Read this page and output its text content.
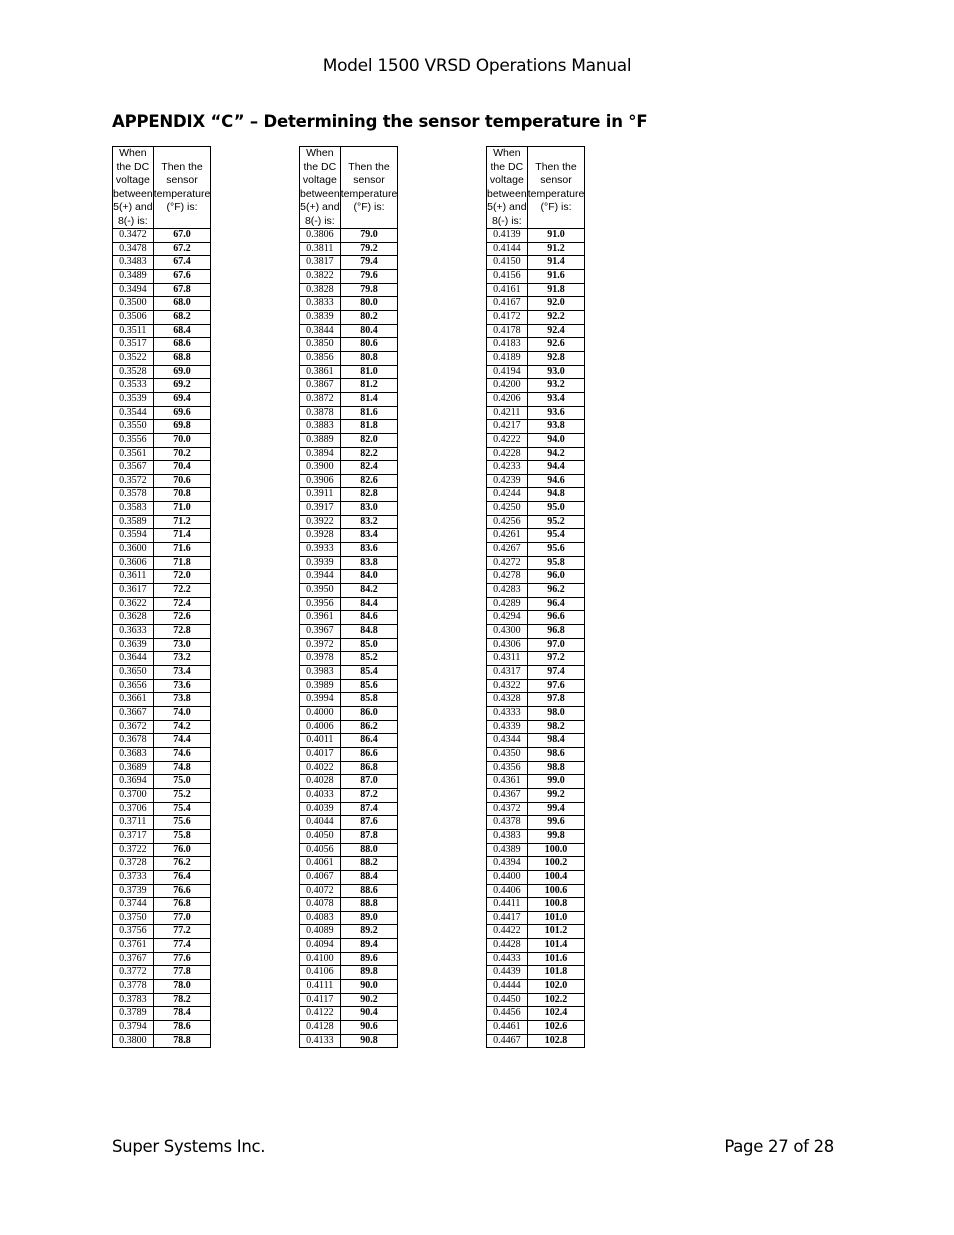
Model 1500 VRSD Operations Manual
APPENDIX “C” – Determining the sensor temperature in °F
When the DC voltage between 5(+) and 8(-) is:	Then the sensor temperature (°F) is:
0.3472	67.0
0.3478	67.2
0.3483	67.4
0.3489	67.6
0.3494	67.8
0.3500	68.0
0.3506	68.2
0.3511	68.4
0.3517	68.6
0.3522	68.8
0.3528	69.0
0.3533	69.2
0.3539	69.4
0.3544	69.6
0.3550	69.8
0.3556	70.0
0.3561	70.2
0.3567	70.4
0.3572	70.6
0.3578	70.8
0.3583	71.0
0.3589	71.2
0.3594	71.4
0.3600	71.6
0.3606	71.8
0.3611	72.0
0.3617	72.2
0.3622	72.4
0.3628	72.6
0.3633	72.8
0.3639	73.0
0.3644	73.2
0.3650	73.4
0.3656	73.6
0.3661	73.8
0.3667	74.0
0.3672	74.2
0.3678	74.4
0.3683	74.6
0.3689	74.8
0.3694	75.0
0.3700	75.2
0.3706	75.4
0.3711	75.6
0.3717	75.8
0.3722	76.0
0.3728	76.2
0.3733	76.4
0.3739	76.6
0.3744	76.8
0.3750	77.0
0.3756	77.2
0.3761	77.4
0.3767	77.6
0.3772	77.8
0.3778	78.0
0.3783	78.2
0.3789	78.4
0.3794	78.6
0.3800	78.8
When the DC voltage between 5(+) and 8(-) is:	Then the sensor temperature (°F) is:
0.3806	79.0
0.3811	79.2
0.3817	79.4
0.3822	79.6
0.3828	79.8
0.3833	80.0
0.3839	80.2
0.3844	80.4
0.3850	80.6
0.3856	80.8
0.3861	81.0
0.3867	81.2
0.3872	81.4
0.3878	81.6
0.3883	81.8
0.3889	82.0
0.3894	82.2
0.3900	82.4
0.3906	82.6
0.3911	82.8
0.3917	83.0
0.3922	83.2
0.3928	83.4
0.3933	83.6
0.3939	83.8
0.3944	84.0
0.3950	84.2
0.3956	84.4
0.3961	84.6
0.3967	84.8
0.3972	85.0
0.3978	85.2
0.3983	85.4
0.3989	85.6
0.3994	85.8
0.4000	86.0
0.4006	86.2
0.4011	86.4
0.4017	86.6
0.4022	86.8
0.4028	87.0
0.4033	87.2
0.4039	87.4
0.4044	87.6
0.4050	87.8
0.4056	88.0
0.4061	88.2
0.4067	88.4
0.4072	88.6
0.4078	88.8
0.4083	89.0
0.4089	89.2
0.4094	89.4
0.4100	89.6
0.4106	89.8
0.4111	90.0
0.4117	90.2
0.4122	90.4
0.4128	90.6
0.4133	90.8
When the DC voltage between 5(+) and 8(-) is:	Then the sensor temperature (°F) is:
0.4139	91.0
0.4144	91.2
0.4150	91.4
0.4156	91.6
0.4161	91.8
0.4167	92.0
0.4172	92.2
0.4178	92.4
0.4183	92.6
0.4189	92.8
0.4194	93.0
0.4200	93.2
0.4206	93.4
0.4211	93.6
0.4217	93.8
0.4222	94.0
0.4228	94.2
0.4233	94.4
0.4239	94.6
0.4244	94.8
0.4250	95.0
0.4256	95.2
0.4261	95.4
0.4267	95.6
0.4272	95.8
0.4278	96.0
0.4283	96.2
0.4289	96.4
0.4294	96.6
0.4300	96.8
0.4306	97.0
0.4311	97.2
0.4317	97.4
0.4322	97.6
0.4328	97.8
0.4333	98.0
0.4339	98.2
0.4344	98.4
0.4350	98.6
0.4356	98.8
0.4361	99.0
0.4367	99.2
0.4372	99.4
0.4378	99.6
0.4383	99.8
0.4389	100.0
0.4394	100.2
0.4400	100.4
0.4406	100.6
0.4411	100.8
0.4417	101.0
0.4422	101.2
0.4428	101.4
0.4433	101.6
0.4439	101.8
0.4444	102.0
0.4450	102.2
0.4456	102.4
0.4461	102.6
0.4467	102.8
Super Systems Inc.	Page 27 of 28
